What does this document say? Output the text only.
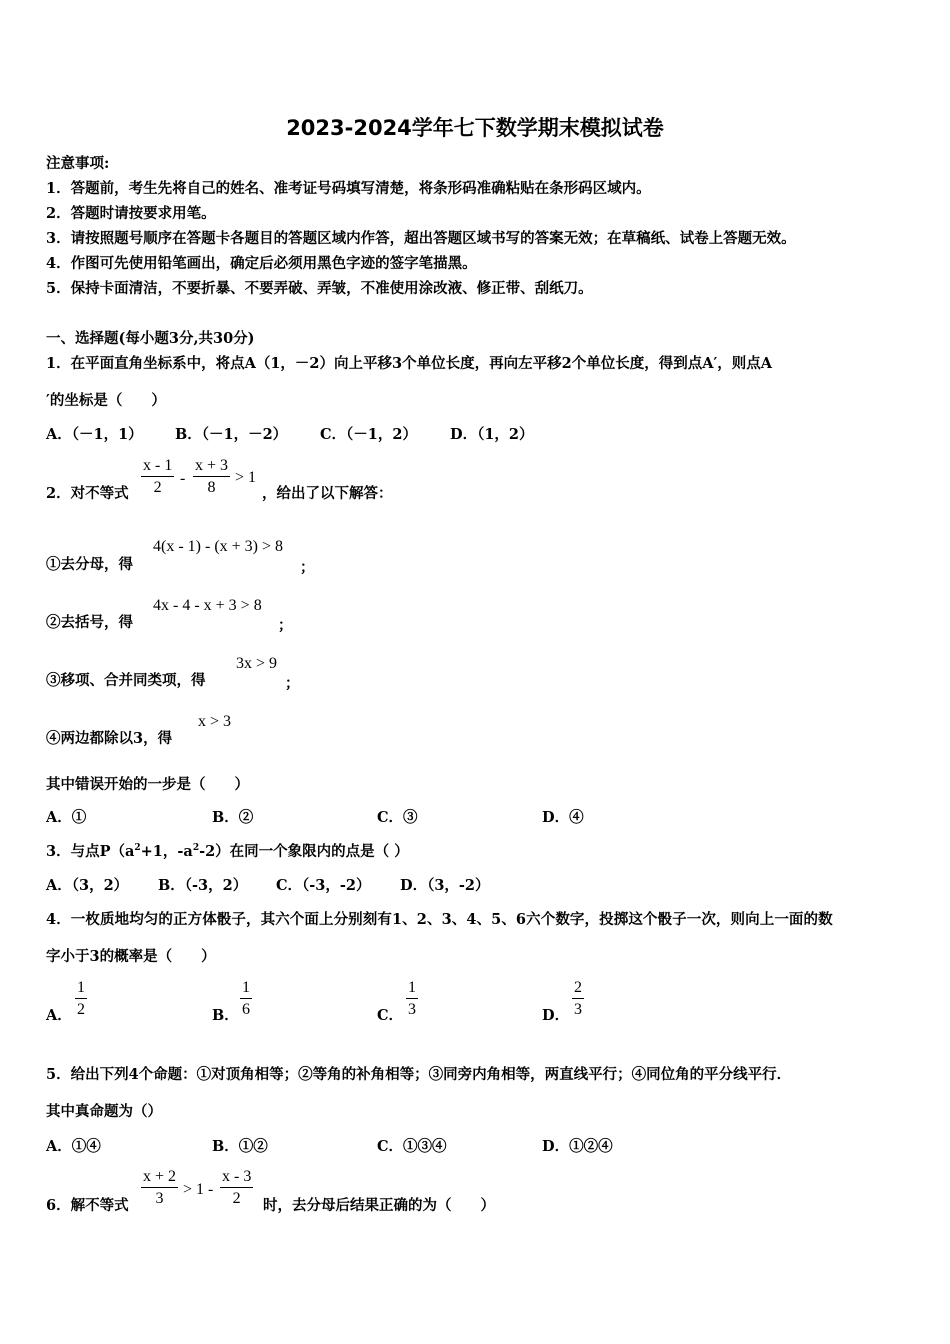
2023-2024学年七下数学期末模拟试卷
注意事项:
1．答题前，考生先将自己的姓名、准考证号码填写清楚，将条形码准确粘贴在条形码区域内。
2．答题时请按要求用笔。
3．请按照题号顺序在答题卡各题目的答题区域内作答，超出答题区域书写的答案无效；在草稿纸、试卷上答题无效。
4．作图可先使用铅笔画出，确定后必须用黑色字迹的签字笔描黑。
5．保持卡面清洁，不要折暴、不要弄破、弄皱，不准使用涂改液、修正带、刮纸刀。
一、选择题(每小题3分,共30分)
1．在平面直角坐标系中，将点A（1，－2）向上平移3个单位长度，再向左平移2个单位长度，得到点A′，则点A
′的坐标是（　　）
A．（－1，1） B．（－1，－2） C．（－1，2） D．（1，2）
2．对不等式 $\frac{x - 1}{2} - \frac{x + 3}{8} > 1$
，给出了以下解答：
①去分母，得
4(x - 1) - (x + 3) > 8
；
②去括号，得
4x - 4 - x + 3 > 8
；
③移项、合并同类项，得
3x > 9
；
④两边都除以3，得
x > 3
其中错误开始的一步是（　　）
A．①	B．②	C．③	D．④
3．与点$P(a^2+1$，$-a^2-2$）在同一个象限内的点是（ ）
A．（3，2） B．（-3，2） C．（-3，-2） D．（3，-2）
4．一枚质地均匀的正方体骰子，其六个面上分别刻有1、2、3、4、5、6六个数字，投掷这个骰子一次，则向上一面的数
字小于3的概率是（　　）
A． $\frac{1}{2}$	B． $\frac{1}{6}$	C． $\frac{1}{3}$	D． $\frac{2}{3}$
5．给出下列4个命题：①对顶角相等；②等角的补角相等；③同旁内角相等，两直线平行；④同位角的平分线平行．
其中真命题为（）
A．①④	B．①②	C．①③④	D．①②④
6．解不等式 $\frac{x + 2}{3} > 1 - \frac{x - 3}{2}$ 时，去分母后结果正确的为（　　）
